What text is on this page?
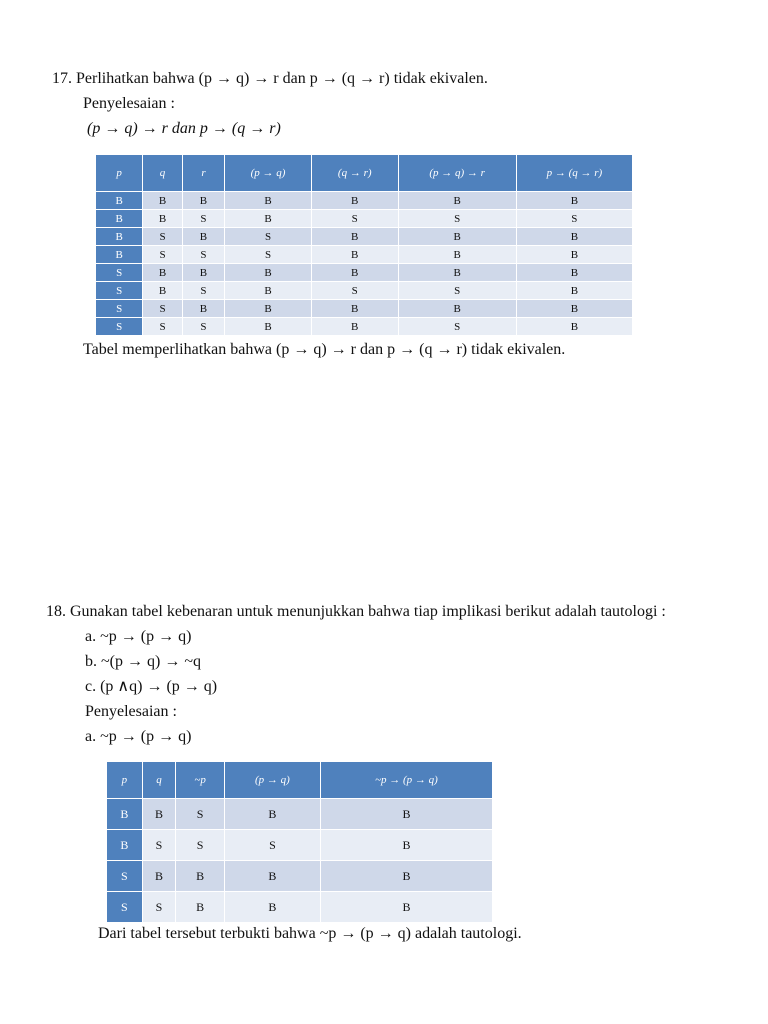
17. Perlihatkan bahwa (p → q) → r dan p → (q → r) tidak ekivalen.
Penyelesaian :
(p → q) → r dan p → (q → r)
p	q	r	(p → q)	(q → r)	(p → q) → r	p → (q → r)
B	B	B	B	B	B	B
B	B	S	B	S	S	S
B	S	B	S	B	B	B
B	S	S	S	B	B	B
S	B	B	B	B	B	B
S	B	S	B	S	S	B
S	S	B	B	B	B	B
S	S	S	B	B	S	B
Tabel memperlihatkan bahwa (p → q) → r dan p → (q → r) tidak ekivalen.
18. Gunakan tabel kebenaran untuk menunjukkan bahwa tiap implikasi berikut adalah tautologi :
a. ~p → (p → q)
b. ~(p → q) → ~q
c. (p ∧q) → (p → q)
Penyelesaian :
a. ~p → (p → q)
p	q	~p	(p → q)	~p → (p → q)
B	B	S	B	B
B	S	S	S	B
S	B	B	B	B
S	S	B	B	B
Dari tabel tersebut terbukti bahwa ~p → (p → q) adalah tautologi.
